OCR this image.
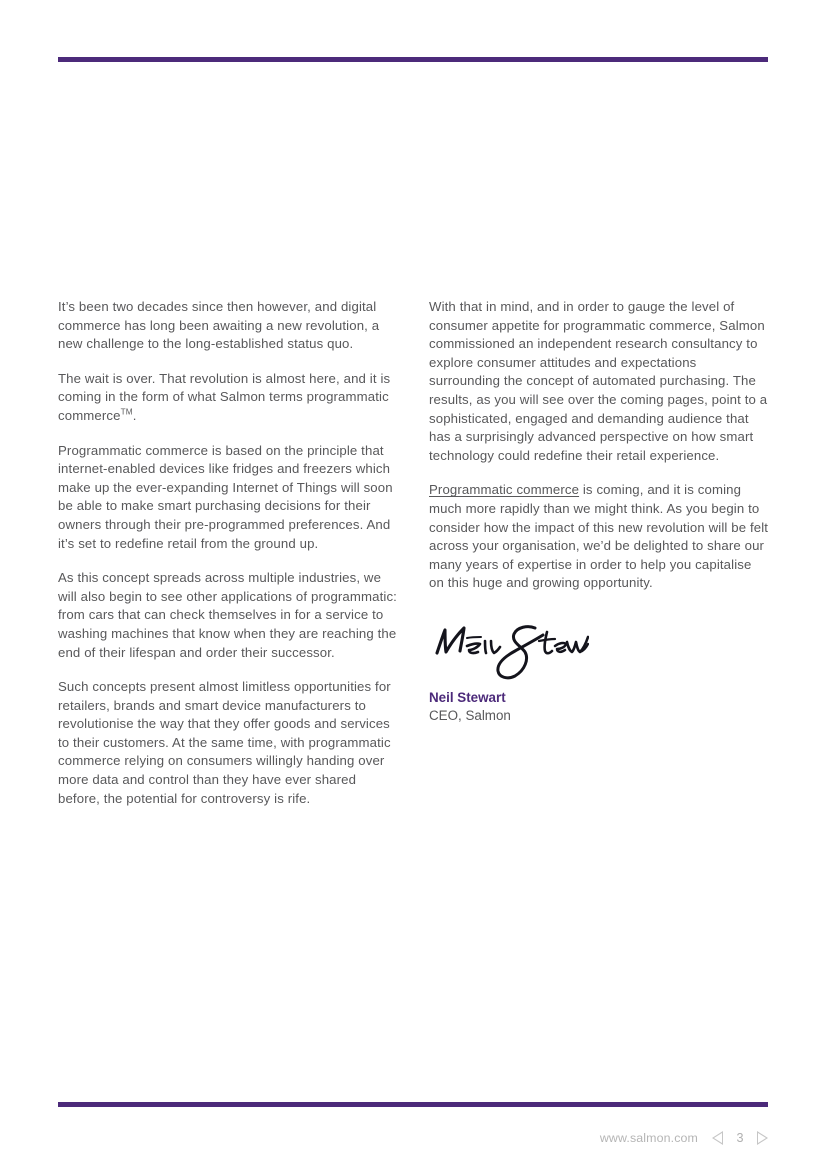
It’s been two decades since then however, and digital commerce has long been awaiting a new revolution, a new challenge to the long-established status quo.

The wait is over. That revolution is almost here, and it is coming in the form of what Salmon terms programmatic commerce™.

Programmatic commerce is based on the principle that internet-enabled devices like fridges and freezers which make up the ever-expanding Internet of Things will soon be able to make smart purchasing decisions for their owners through their pre-programmed preferences. And it’s set to redefine retail from the ground up.

As this concept spreads across multiple industries, we will also begin to see other applications of programmatic: from cars that can check themselves in for a service to washing machines that know when they are reaching the end of their lifespan and order their successor.

Such concepts present almost limitless opportunities for retailers, brands and smart device manufacturers to revolutionise the way that they offer goods and services to their customers. At the same time, with programmatic commerce relying on consumers willingly handing over more data and control than they have ever shared before, the potential for controversy is rife.

With that in mind, and in order to gauge the level of consumer appetite for programmatic commerce, Salmon commissioned an independent research consultancy to explore consumer attitudes and expectations surrounding the concept of automated purchasing. The results, as you will see over the coming pages, point to a sophisticated, engaged and demanding audience that has a surprisingly advanced perspective on how smart technology could redefine their retail experience.

Programmatic commerce is coming, and it is coming much more rapidly than we might think. As you begin to consider how the impact of this new revolution will be felt across your organisation, we’d be delighted to share our many years of expertise in order to help you capitalise on this huge and growing opportunity.

Neil Stewart

CEO, Salmon

www.salmon.com	3
